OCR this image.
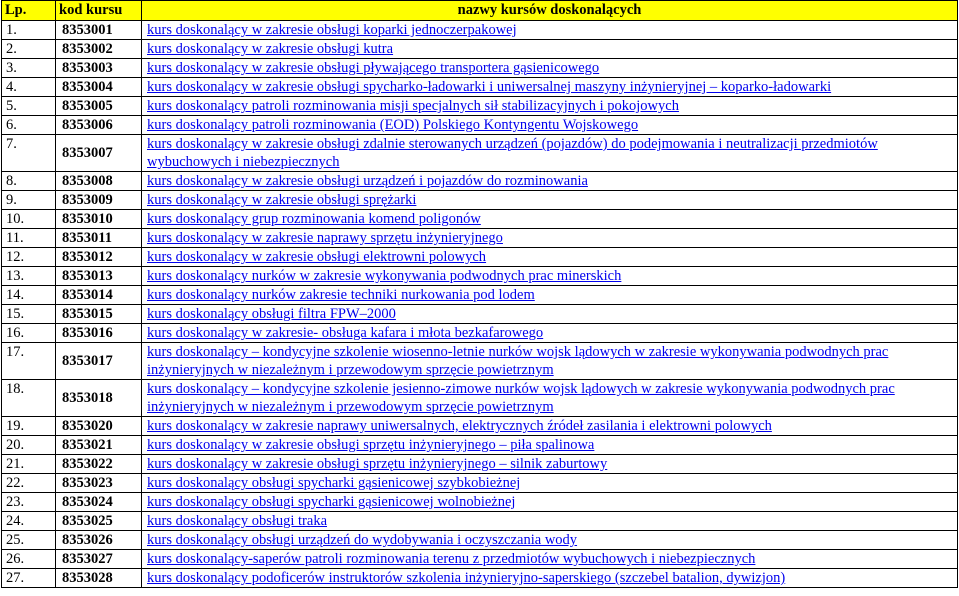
Lp.	kod kursu	nazwy kursów doskonalących
1.	8353001	kurs doskonalący w zakresie obsługi koparki jednoczerpakowej
2.	8353002	kurs doskonalący w zakresie obsługi kutra
3.	8353003	kurs doskonalący w zakresie obsługi pływającego transportera gąsienicowego
4.	8353004	kurs doskonalący w zakresie obsługi spycharko-ładowarki i uniwersalnej maszyny inżynieryjnej – koparko-ładowarki
5.	8353005	kurs doskonalący patroli rozminowania misji specjalnych sił stabilizacyjnych i pokojowych
6.	8353006	kurs doskonalący patroli rozminowania (EOD) Polskiego Kontyngentu Wojskowego
7.	8353007	kurs doskonalący w zakresie obsługi zdalnie sterowanych urządzeń (pojazdów) do podejmowania i neutralizacji przedmiotów wybuchowych i niebezpiecznych
8.	8353008	kurs doskonalący w zakresie obsługi urządzeń i pojazdów do rozminowania
9.	8353009	kurs doskonalący w zakresie obsługi sprężarki
10.	8353010	kurs doskonalący grup rozminowania komend poligonów
11.	8353011	kurs doskonalący w zakresie naprawy sprzętu inżynieryjnego
12.	8353012	kurs doskonalący w zakresie obsługi elektrowni polowych
13.	8353013	kurs doskonalący nurków w zakresie wykonywania podwodnych prac minerskich
14.	8353014	kurs doskonalący nurków zakresie techniki nurkowania pod lodem
15.	8353015	kurs doskonalący obsługi filtra FPW–2000
16.	8353016	kurs doskonalący w zakresie- obsługa kafara i młota bezkafarowego
17.	8353017	kurs doskonalący – kondycyjne szkolenie wiosenno-letnie nurków wojsk lądowych w zakresie wykonywania podwodnych prac inżynieryjnych w niezależnym i przewodowym sprzęcie powietrznym
18.	8353018	kurs doskonalący – kondycyjne szkolenie jesienno-zimowe nurków wojsk lądowych w zakresie wykonywania podwodnych prac inżynieryjnych w niezależnym i przewodowym sprzęcie powietrznym
19.	8353020	kurs doskonalący w zakresie naprawy uniwersalnych, elektrycznych źródeł zasilania i elektrowni polowych
20.	8353021	kurs doskonalący w zakresie obsługi sprzętu inżynieryjnego – piła spalinowa
21.	8353022	kurs doskonalący w zakresie obsługi sprzętu inżynieryjnego – silnik zaburtowy
22.	8353023	kurs doskonalący obsługi spycharki gąsienicowej szybkobieżnej
23.	8353024	kurs doskonalący obsługi spycharki gąsienicowej wolnobieżnej
24.	8353025	kurs doskonalący obsługi traka
25.	8353026	kurs doskonalący obsługi urządzeń do wydobywania i oczyszczania wody
26.	8353027	kurs doskonalący-saperów patroli rozminowania terenu z przedmiotów wybuchowych i niebezpiecznych
27.	8353028	kurs doskonalący podoficerów instruktorów szkolenia inżynieryjno-saperskiego (szczebel batalion, dywizjon)
